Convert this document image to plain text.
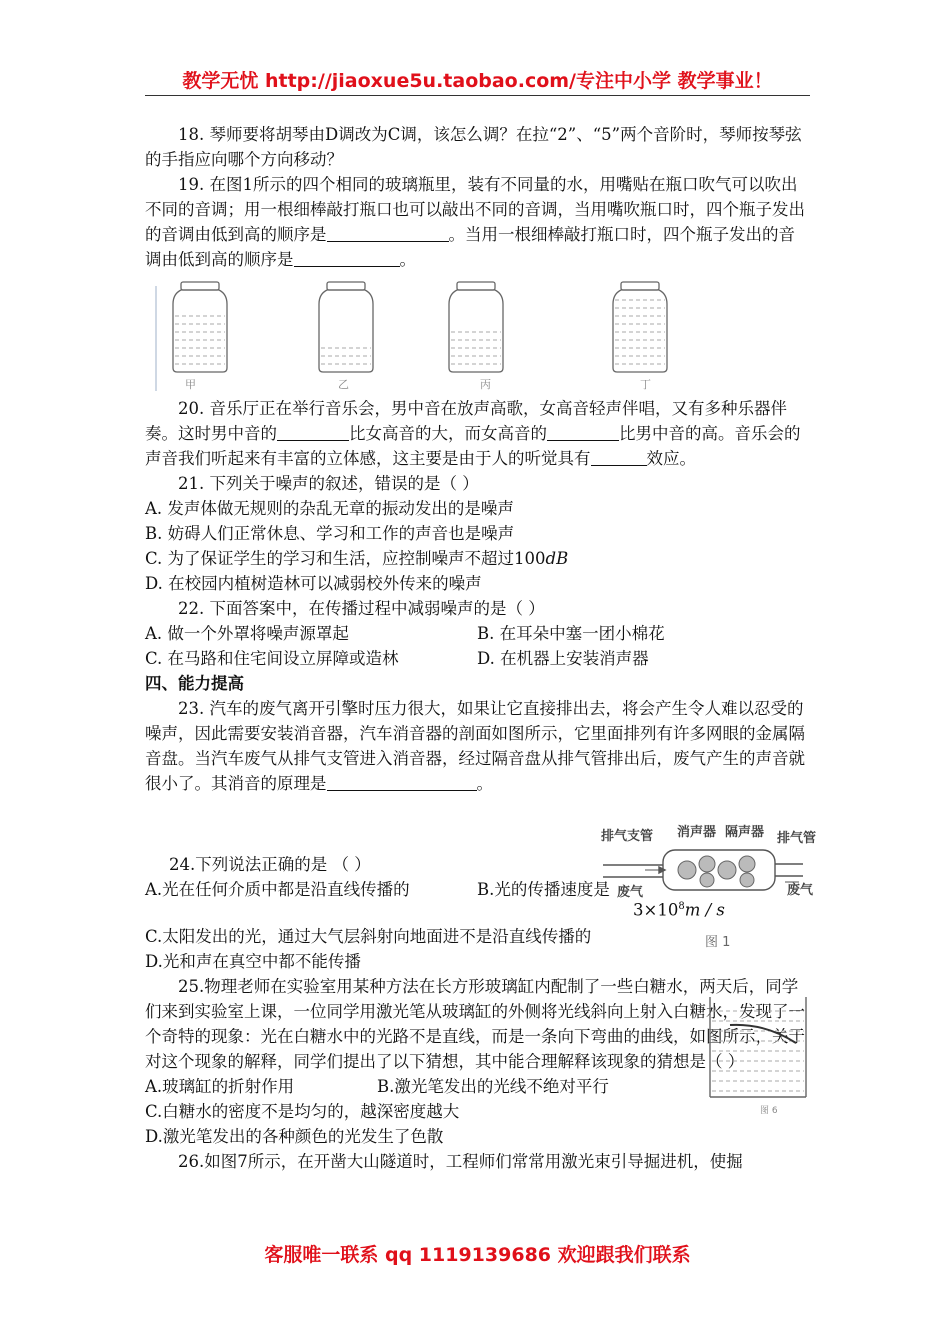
教学无忧 http://jiaoxue5u.taobao.com/专注中小学 教学事业！

18. 琴师要将胡琴由D调改为C调，该怎么调？在拉“2”、“5”两个音阶时，琴师按琴弦的手指应向哪个方向移动？

19. 在图1所示的四个相同的玻璃瓶里，装有不同量的水，用嘴贴在瓶口吹气可以吹出不同的音调；用一根细棒敲打瓶口也可以敲出不同的音调，当用嘴吹瓶口时，四个瓶子发出的音调由低到高的顺序是	。当用一根细棒敲打瓶口时，四个瓶子发出的音调由低到高的顺序是	。

甲	乙	丙	丁

20. 音乐厅正在举行音乐会，男中音在放声高歌，女高音轻声伴唱，又有多种乐器伴奏。这时男中音的	比女高音的大，而女高音的	比男中音的高。音乐会的声音我们听起来有丰富的立体感，这主要是由于人的听觉具有	效应。

21. 下列关于噪声的叙述，错误的是（ ）

A. 发声体做无规则的杂乱无章的振动发出的是噪声

B. 妨碍人们正常休息、学习和工作的声音也是噪声

C. 为了保证学生的学习和生活，应控制噪声不超过100dB

D. 在校园内植树造林可以减弱校外传来的噪声

22. 下面答案中，在传播过程中减弱噪声的是（ ）

A. 做一个外罩将噪声源罩起	B. 在耳朵中塞一团小棉花

C. 在马路和住宅间设立屏障或造林	D. 在机器上安装消声器

四、能力提高

23. 汽车的废气离开引擎时压力很大，如果让它直接排出去，将会产生令人难以忍受的噪声，因此需要安装消音器，汽车消音器的剖面如图所示，它里面排列有许多网眼的金属隔音盘。当汽车废气从排气支管进入消音器，经过隔音盘从排气管排出后，废气产生的声音就很小了。其消音的原理是	。

24.下列说法正确的是 （ ）

A.光在任何介质中都是沿直线传播的	B.光的传播速度是

$3\times 10^8m / s$

C.太阳发出的光，通过大气层斜射向地面进不是沿直线传播的

D.光和声在真空中都不能传播

25.物理老师在实验室用某种方法在长方形玻璃缸内配制了一些白糖水，两天后，同学们来到实验室上课，一位同学用激光笔从玻璃缸的外侧将光线斜向上射入白糖水，发现了一个奇特的现象：光在白糖水中的光路不是直线，而是一条向下弯曲的曲线，如图所示，关于对这个现象的解释，同学们提出了以下猜想，其中能合理解释该现象的猜想是（ ）

A.玻璃缸的折射作用	B.激光笔发出的光线不绝对平行

C.白糖水的密度不是均匀的，越深密度越大

D.激光笔发出的各种颜色的光发生了色散

26.如图7所示，在开凿大山隧道时，工程师们常常用激光束引导掘进机，使掘

排气支管 消声器 隔声器 排气管
废气	废气
图 1
图 6
客服唯一联系 qq 1119139686 欢迎跟我们联系
